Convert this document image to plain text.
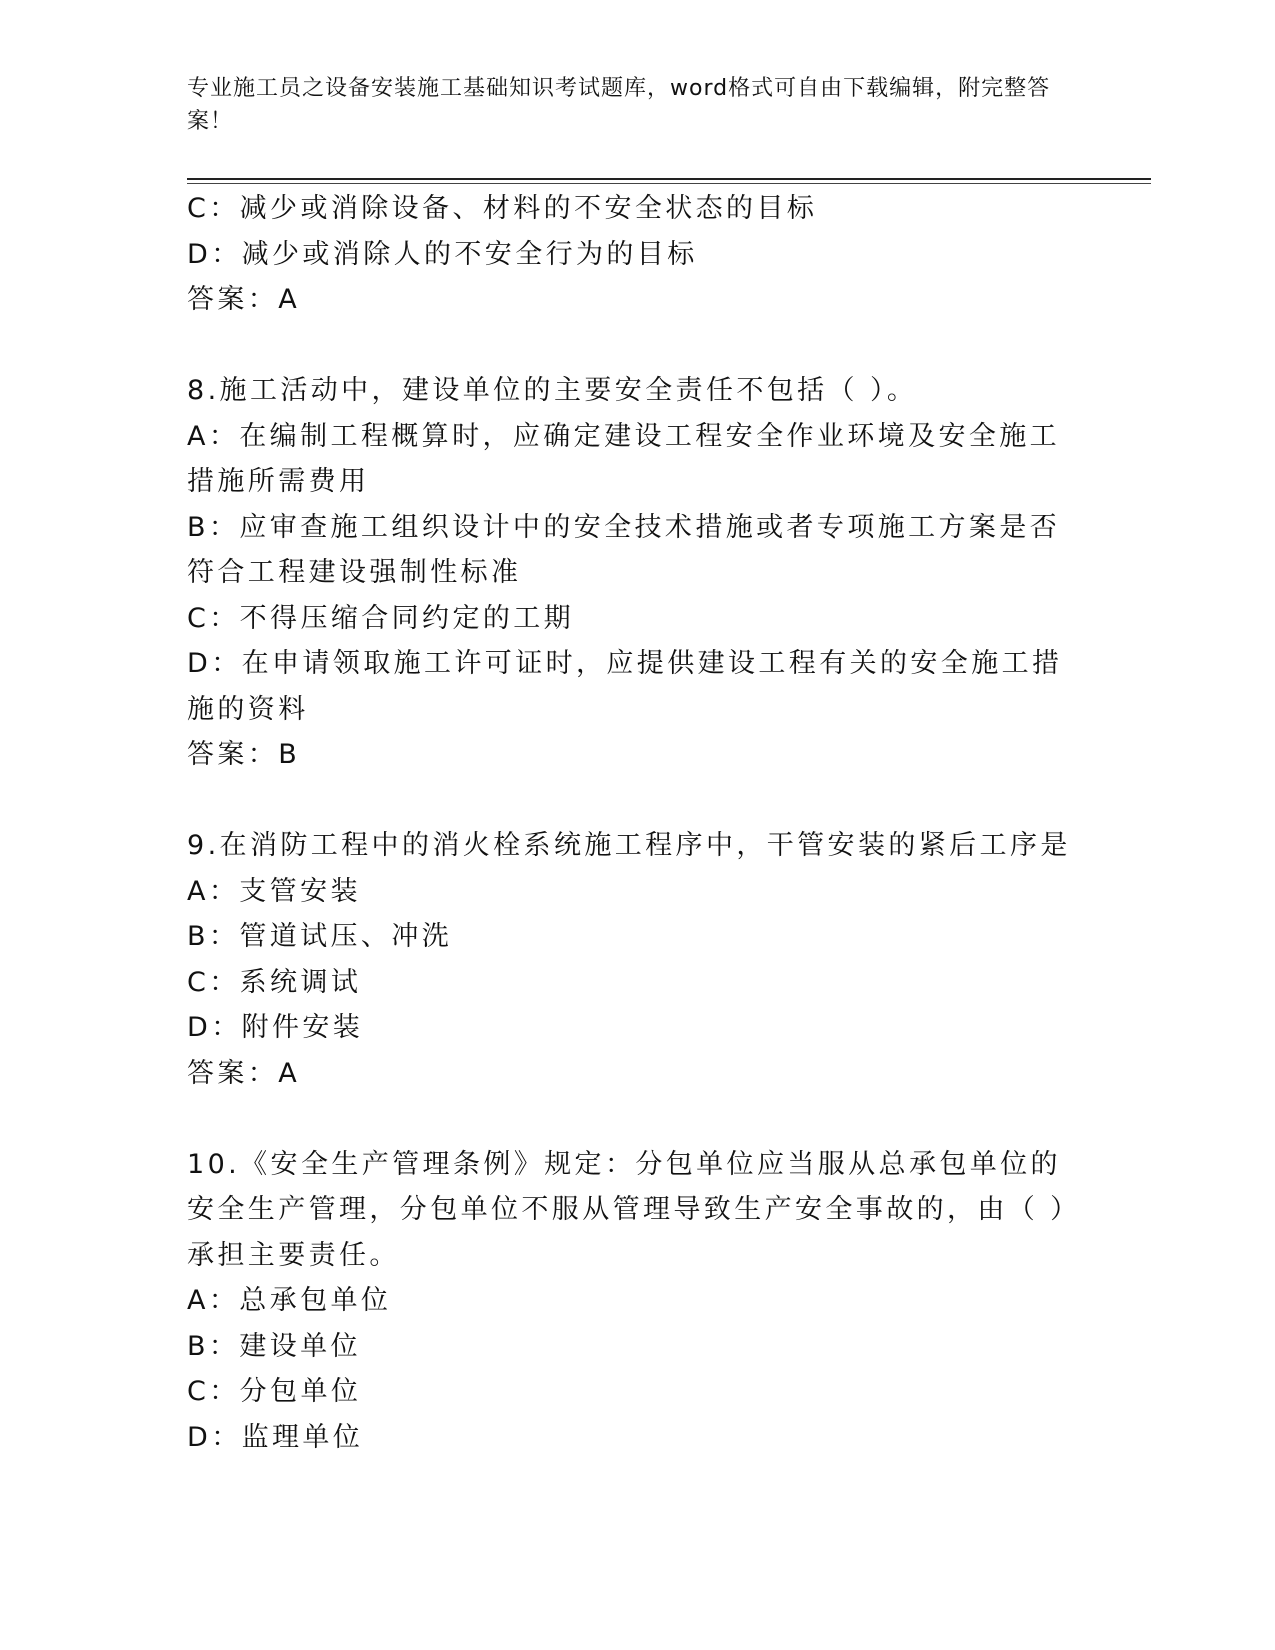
专业施工员之设备安装施工基础知识考试题库，word格式可自由下载编辑，附完整答案！
C：减少或消除设备、材料的不安全状态的目标
D：减少或消除人的不安全行为的目标
答案：A
8.施工活动中，建设单位的主要安全责任不包括（ ）。
A：在编制工程概算时，应确定建设工程安全作业环境及安全施工措施所需费用
B：应审查施工组织设计中的安全技术措施或者专项施工方案是否符合工程建设强制性标准
C：不得压缩合同约定的工期
D：在申请领取施工许可证时，应提供建设工程有关的安全施工措施的资料
答案：B
9.在消防工程中的消火栓系统施工程序中，干管安装的紧后工序是
A：支管安装
B：管道试压、冲洗
C：系统调试
D：附件安装
答案：A
10.《安全生产管理条例》规定：分包单位应当服从总承包单位的安全生产管理，分包单位不服从管理导致生产安全事故的，由（ ）承担主要责任。
A：总承包单位
B：建设单位
C：分包单位
D：监理单位
